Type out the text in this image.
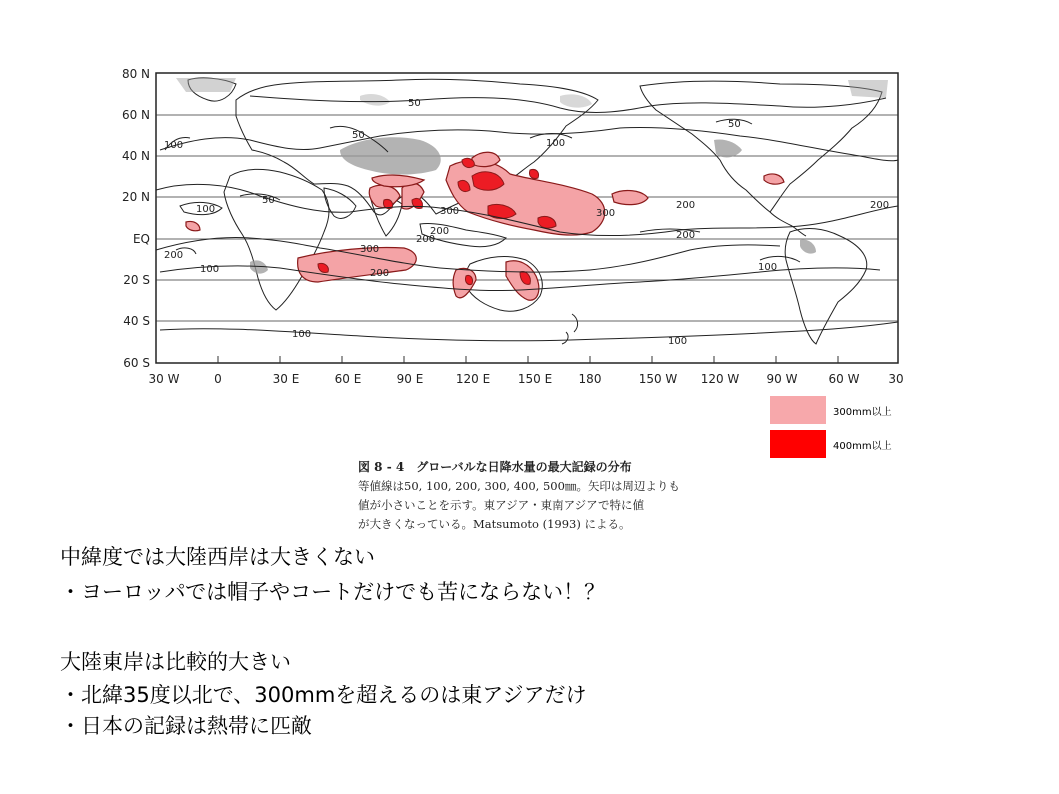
50
50
50
50
100
100
100
100
100
100
100
200
200
200
200
200
200
200
300
300
300
80 N
60 N
40 N
20 N
EQ
20 S
40 S
60 S
30 W	0	30 E	60 E	90 E	120 E 150 E 180	150 W 120 W 90 W	60 W 30
300mm以上
400mm以上
図 8 - 4　グローバルな日降水量の最大記録の分布
等値線は50, 100, 200, 300, 400, 500㎜。矢印は周辺よりも
値が小さいことを示す。東アジア・東南アジアで特に値
が大きくなっている。Matsumoto (1993) による。
中緯度では大陸西岸は大きくない
・ヨーロッパでは帽子やコートだけでも苦にならない！？
大陸東岸は比較的大きい
・北緯35度以北で、300mmを超えるのは東アジアだけ
・日本の記録は熱帯に匹敵
